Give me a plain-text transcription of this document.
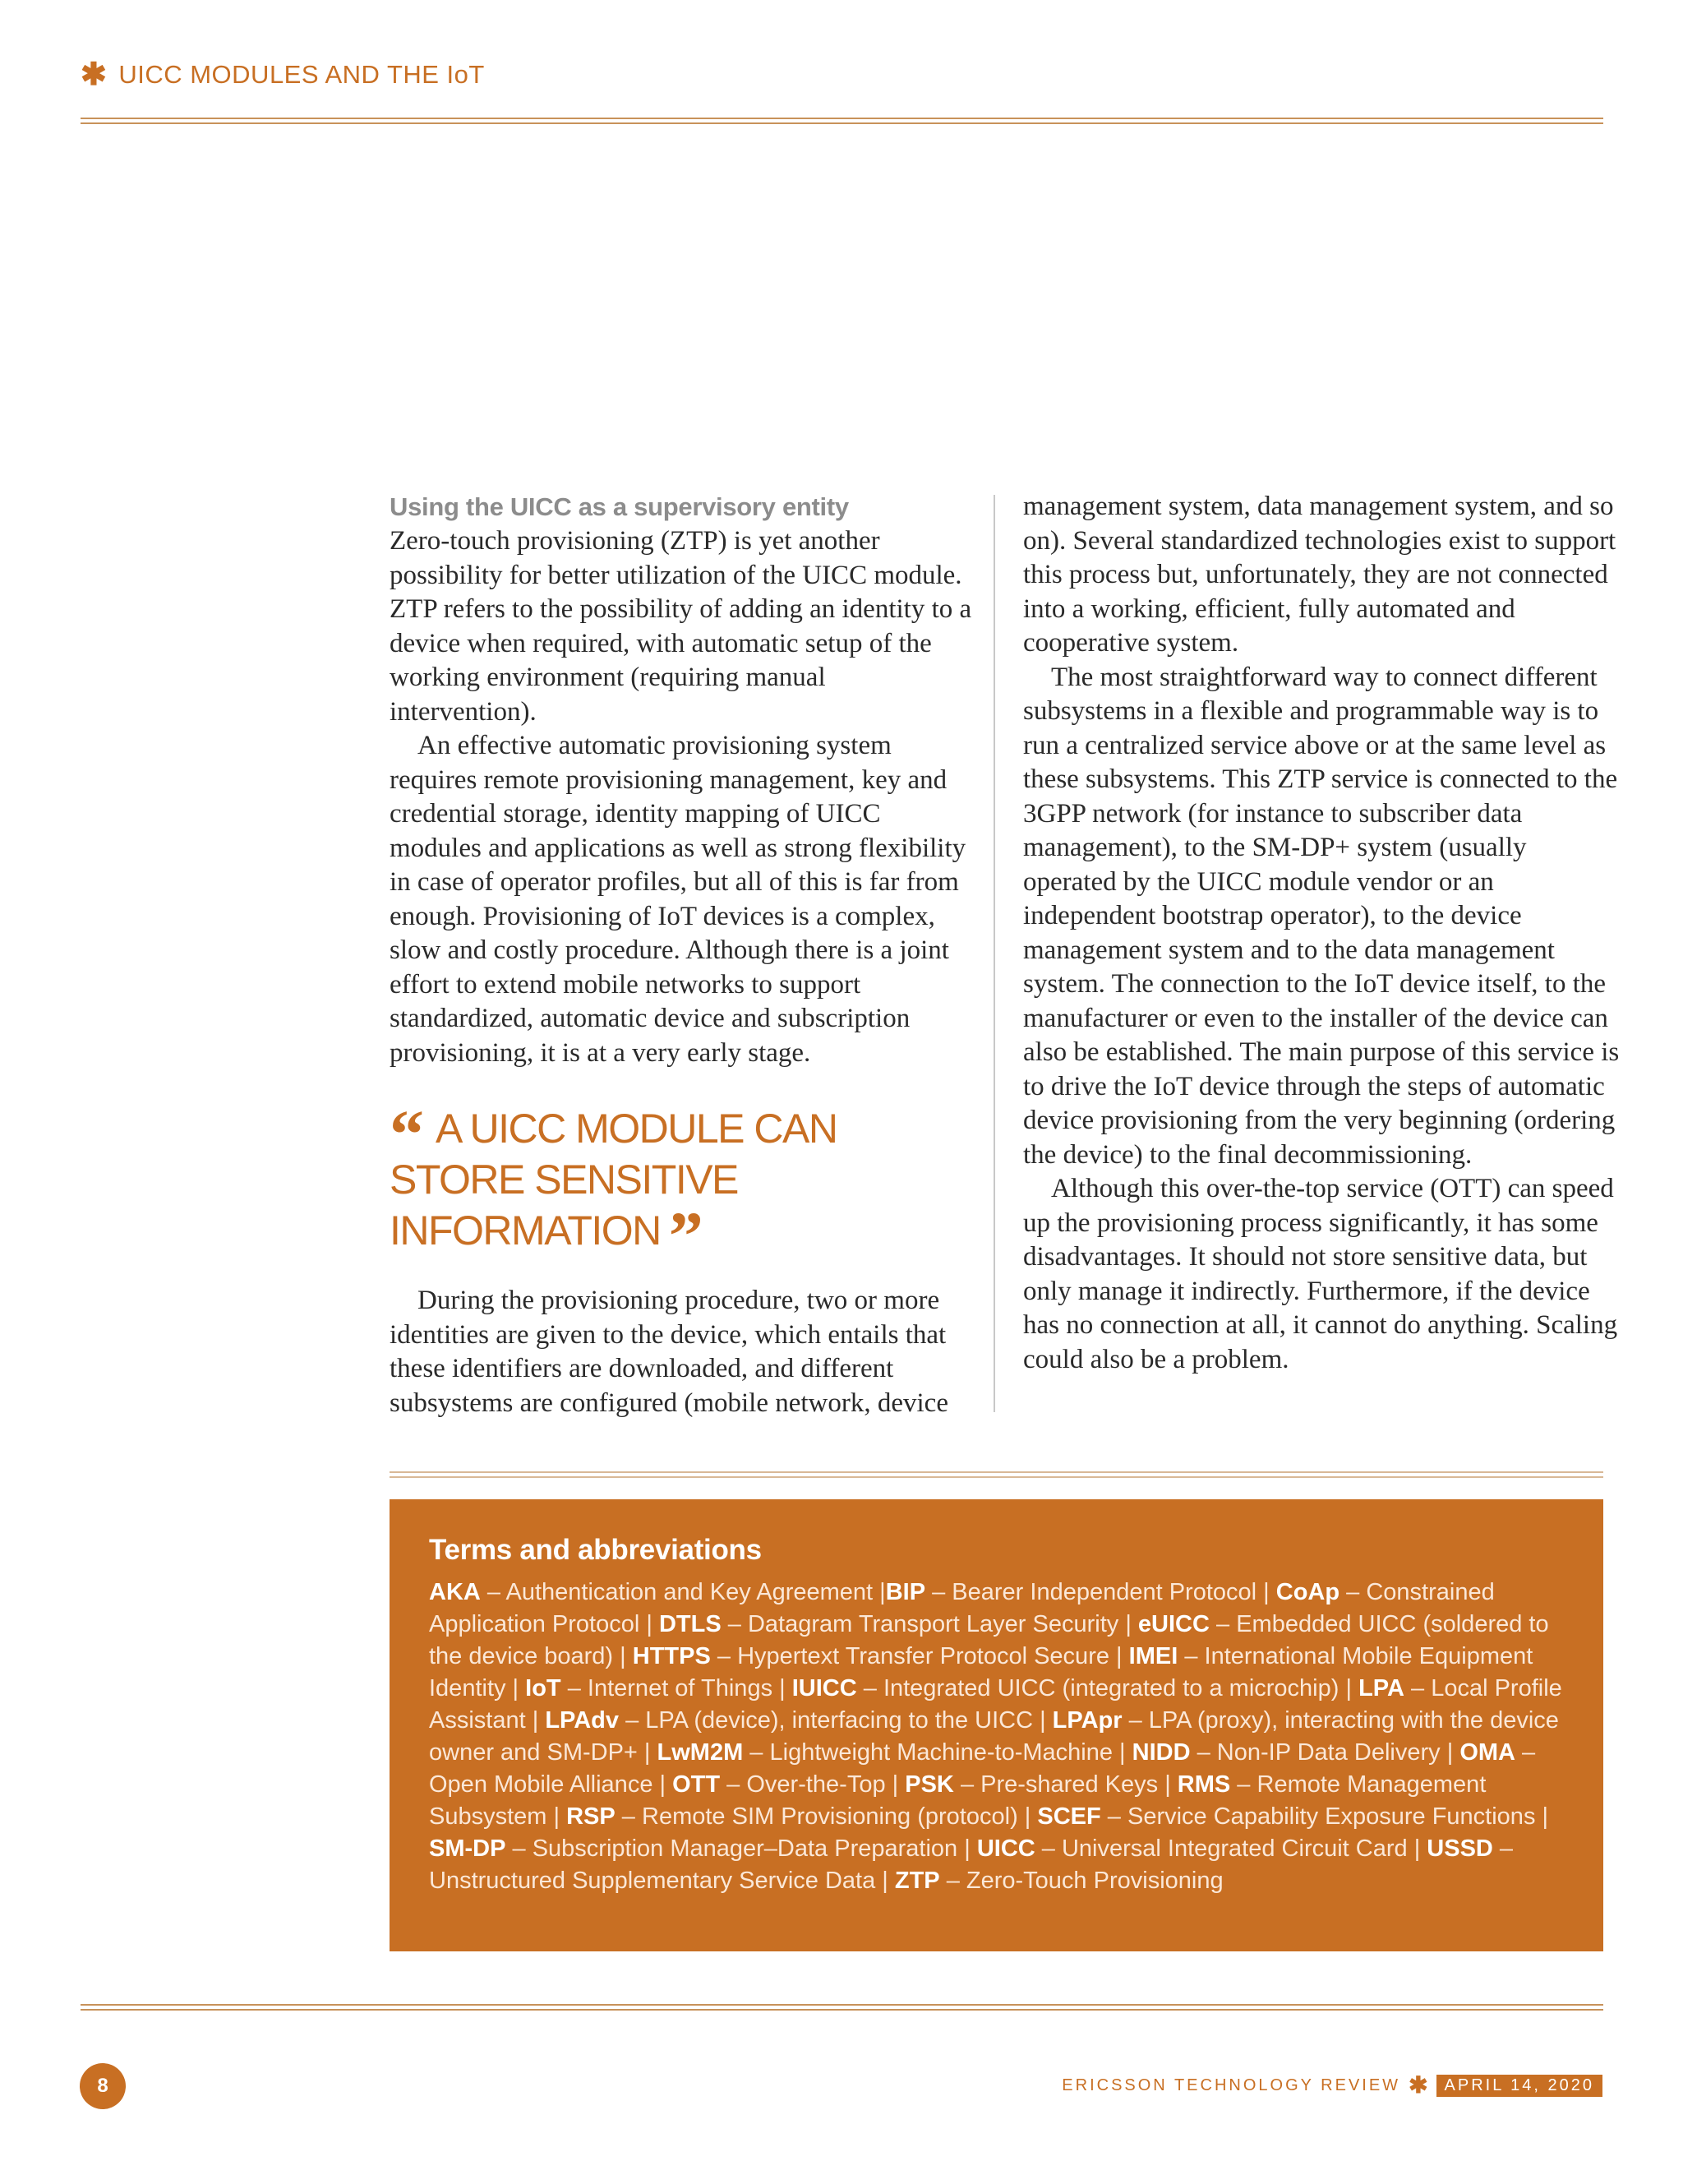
✱ UICC MODULES AND THE IoT
Using the UICC as a supervisory entity

Zero-touch provisioning (ZTP) is yet another possibility for better utilization of the UICC module. ZTP refers to the possibility of adding an identity to a device when required, with automatic setup of the working environment (requiring manual intervention).

An effective automatic provisioning system requires remote provisioning management, key and credential storage, identity mapping of UICC modules and applications as well as strong flexibility in case of operator profiles, but all of this is far from enough. Provisioning of IoT devices is a complex, slow and costly procedure. Although there is a joint effort to extend mobile networks to support standardized, automatic device and subscription provisioning, it is at a very early stage.

“ A UICC MODULE CAN STORE SENSITIVE INFORMATION ”

During the provisioning procedure, two or more identities are given to the device, which entails that these identifiers are downloaded, and different subsystems are configured (mobile network, device

management system, data management system, and so on). Several standardized technologies exist to support this process but, unfortunately, they are not connected into a working, efficient, fully automated and cooperative system.

The most straightforward way to connect different subsystems in a flexible and programmable way is to run a centralized service above or at the same level as these subsystems. This ZTP service is connected to the 3GPP network (for instance to subscriber data management), to the SM-DP+ system (usually operated by the UICC module vendor or an independent bootstrap operator), to the device management system and to the data management system. The connection to the IoT device itself, to the manufacturer or even to the installer of the device can also be established. The main purpose of this service is to drive the IoT device through the steps of automatic device provisioning from the very beginning (ordering the device) to the final decommissioning.

Although this over-the-top service (OTT) can speed up the provisioning process significantly, it has some disadvantages. It should not store sensitive data, but only manage it indirectly. Furthermore, if the device has no connection at all, it cannot do anything. Scaling could also be a problem.

Terms and abbreviations
AKA – Authentication and Key Agreement |BIP – Bearer Independent Protocol | CoAp – Constrained Application Protocol | DTLS – Datagram Transport Layer Security | eUICC – Embedded UICC (soldered to the device board) | HTTPS – Hypertext Transfer Protocol Secure | IMEI – International Mobile Equipment Identity | IoT – Internet of Things | IUICC – Integrated UICC (integrated to a microchip) | LPA – Local Profile Assistant | LPAdv – LPA (device), interfacing to the UICC | LPApr – LPA (proxy), interacting with the device owner and SM-DP+ | LwM2M – Lightweight Machine-to-Machine | NIDD – Non-IP Data Delivery | OMA – Open Mobile Alliance | OTT – Over-the-Top | PSK – Pre-shared Keys | RMS – Remote Management Subsystem | RSP – Remote SIM Provisioning (protocol) | SCEF – Service Capability Exposure Functions | SM-DP – Subscription Manager–Data Preparation | UICC – Universal Integrated Circuit Card | USSD – Unstructured Supplementary Service Data | ZTP – Zero-Touch Provisioning
8	ERICSSON TECHNOLOGY REVIEW ✱	APRIL 14, 2020
